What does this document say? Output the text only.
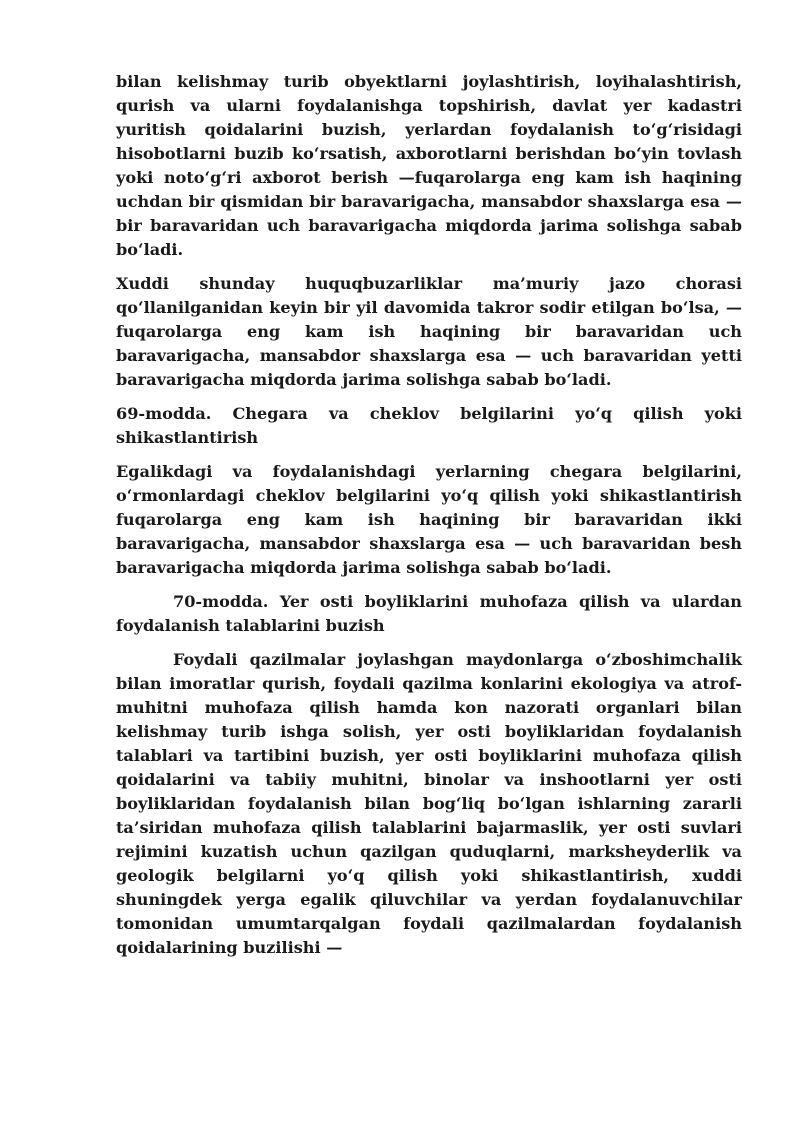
bilan kelishmay turib obyektlarni joylashtirish, loyihalashtirish, qurish va ularni foydalanishga topshirish, davlat yer kadastri yuritish qoidalarini buzish, yerlardan foydalanish to‘g‘risidagi hisobotlarni buzib ko‘rsatish, axborotlarni berishdan bo‘yin tovlash yoki noto‘g‘ri axborot berish —fuqarolarga eng kam ish haqining uchdan bir qismidan bir baravarigacha, mansabdor shaxslarga esa — bir baravaridan uch baravarigacha miqdorda jarima solishga sabab bo‘ladi.

Xuddi shunday huquqbuzarliklar ma’muriy jazo chorasi qo‘llanilganidan keyin bir yil davomida takror sodir etilgan bo‘lsa, —fuqarolarga eng kam ish haqining bir baravaridan uch baravarigacha, mansabdor shaxslarga esa — uch baravaridan yetti baravarigacha miqdorda jarima solishga sabab bo‘ladi.

69-modda. Chegara va cheklov belgilarini yo‘q qilish yoki shikastlantirish

Egalikdagi va foydalanishdagi yerlarning chegara belgilarini, o‘rmonlardagi cheklov belgilarini yo‘q qilish yoki shikastlantirish fuqarolarga eng kam ish haqining bir baravaridan ikki baravarigacha, mansabdor shaxslarga esa — uch baravaridan besh baravarigacha miqdorda jarima solishga sabab bo‘ladi.

70-modda. Yer osti boyliklarini muhofaza qilish va ulardan foydalanish talablarini buzish

Foydali qazilmalar joylashgan maydonlarga o‘zboshimchalik bilan imoratlar qurish, foydali qazilma konlarini ekologiya va atrof-muhitni muhofaza qilish hamda kon nazorati organlari bilan kelishmay turib ishga solish, yer osti boyliklaridan foydalanish talablari va tartibini buzish, yer osti boyliklarini muhofaza qilish qoidalarini va tabiiy muhitni, binolar va inshootlarni yer osti boyliklaridan foydalanish bilan bog‘liq bo‘lgan ishlarning zararli ta’siridan muhofaza qilish talablarini bajarmaslik, yer osti suvlari rejimini kuzatish uchun qazilgan quduqlarni, marksheyderlik va geologik belgilarni yo‘q qilish yoki shikastlantirish, xuddi shuningdek yerga egalik qiluvchilar va yerdan foydalanuvchilar tomonidan umumtarqalgan foydali qazilmalardan foydalanish qoidalarining buzilishi —
